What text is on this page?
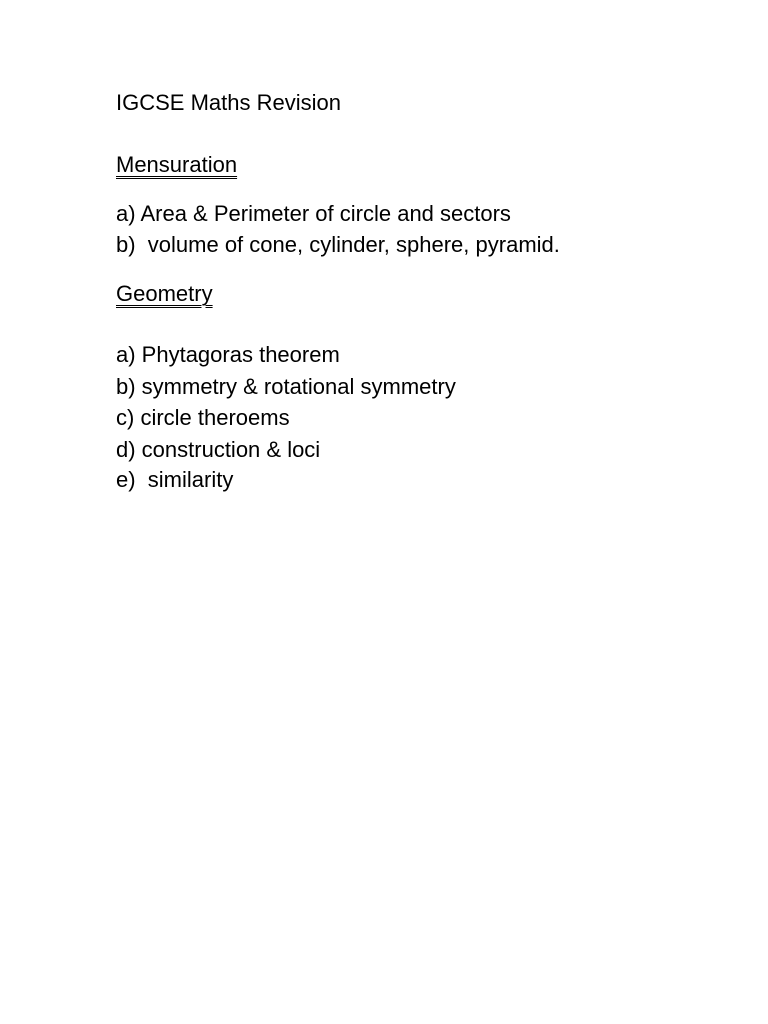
IGCSE Maths Revision
Mensuration
a) Area & Perimeter of circle and sectors
b)  volume of cone, cylinder, sphere, pyramid.
Geometry
a) Phytagoras theorem
b) symmetry & rotational symmetry
c) circle theroems
d) construction & loci
e)  similarity
